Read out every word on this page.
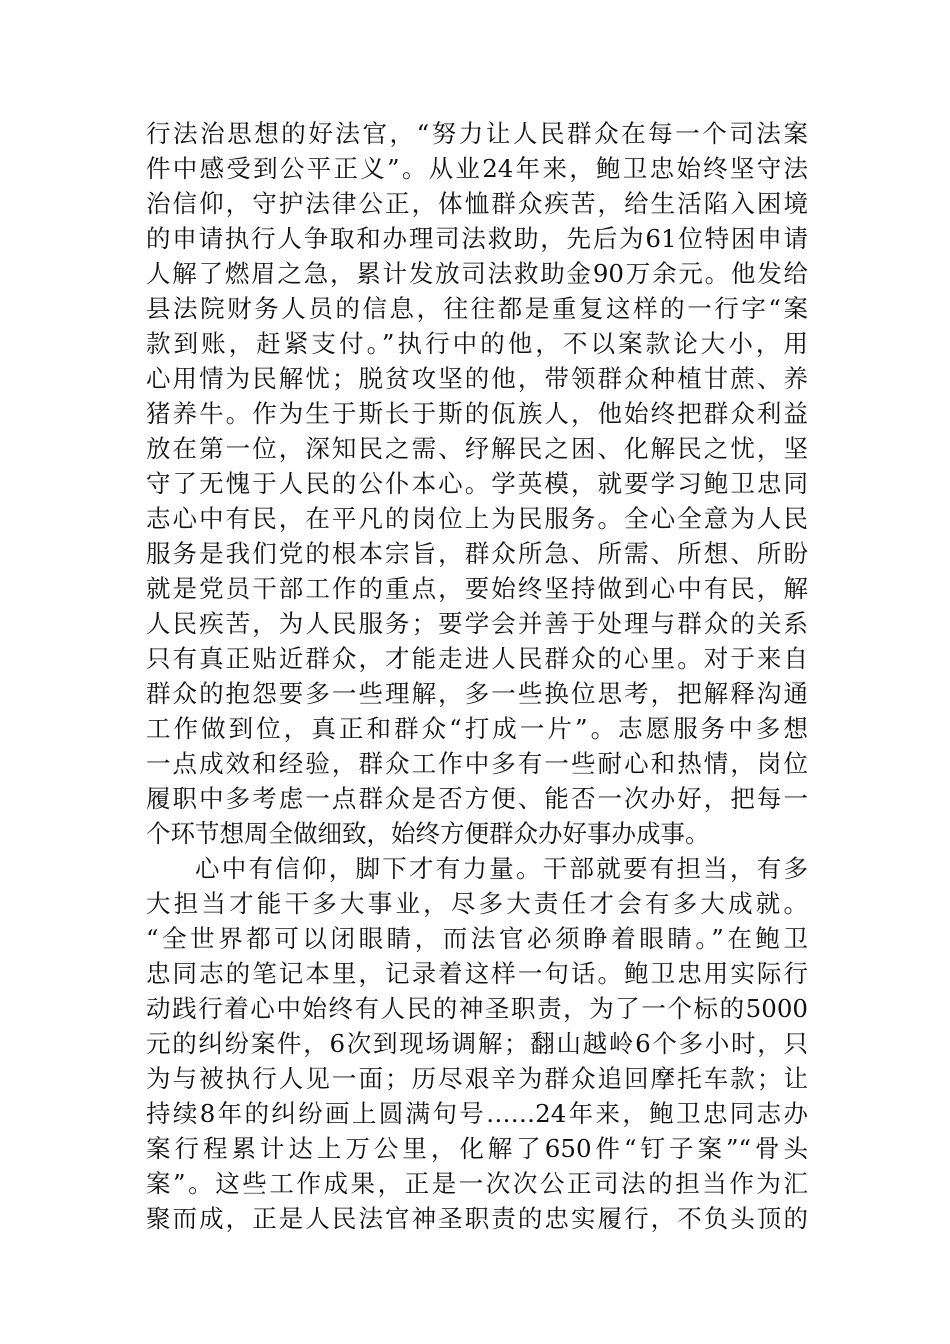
行法治思想的好法官，“努力让人民群众在每一个司法案
件中感受到公平正义”。从业24年来，鲍卫忠始终坚守法
治信仰，守护法律公正，体恤群众疾苦，给生活陷入困境
的申请执行人争取和办理司法救助，先后为61位特困申请
人解了燃眉之急，累计发放司法救助金90万余元。他发给
县法院财务人员的信息，往往都是重复这样的一行字“案
款到账，赶紧支付。”执行中的他，不以案款论大小，用
心用情为民解忧；脱贫攻坚的他，带领群众种植甘蔗、养
猪养牛。作为生于斯长于斯的佤族人，他始终把群众利益
放在第一位，深知民之需、纾解民之困、化解民之忧，坚
守了无愧于人民的公仆本心。学英模，就要学习鲍卫忠同
志心中有民，在平凡的岗位上为民服务。全心全意为人民
服务是我们党的根本宗旨，群众所急、所需、所想、所盼
就是党员干部工作的重点，要始终坚持做到心中有民，解
人民疾苦，为人民服务；要学会并善于处理与群众的关系
只有真正贴近群众，才能走进人民群众的心里。对于来自
群众的抱怨要多一些理解，多一些换位思考，把解释沟通
工作做到位，真正和群众“打成一片”。志愿服务中多想
一点成效和经验，群众工作中多有一些耐心和热情，岗位
履职中多考虑一点群众是否方便、能否一次办好，把每一
个环节想周全做细致，始终方便群众办好事办成事。
心中有信仰，脚下才有力量。干部就要有担当，有多
大担当才能干多大事业，尽多大责任才会有多大成就。
“全世界都可以闭眼睛，而法官必须睁着眼睛。”在鲍卫
忠同志的笔记本里，记录着这样一句话。鲍卫忠用实际行
动践行着心中始终有人民的神圣职责，为了一个标的5000
元的纠纷案件，6次到现场调解；翻山越岭6个多小时，只
为与被执行人见一面；历尽艰辛为群众追回摩托车款；让
持续8年的纠纷画上圆满句号……24年来，鲍卫忠同志办
案行程累计达上万公里，化解了650件“钉子案”“骨头
案”。这些工作成果，正是一次次公正司法的担当作为汇
聚而成，正是人民法官神圣职责的忠实履行，不负头顶的
